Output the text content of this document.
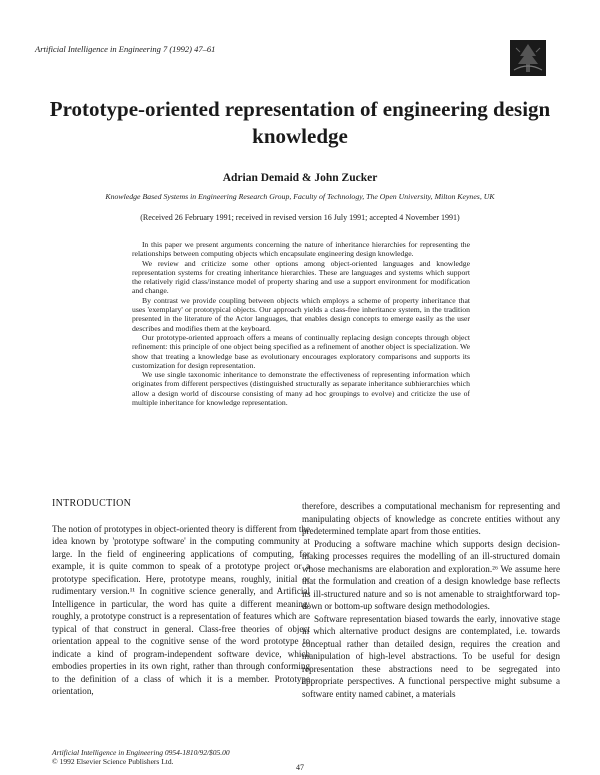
Artificial Intelligence in Engineering 7 (1992) 47–61
Prototype-oriented representation of engineering design knowledge
Adrian Demaid & John Zucker
Knowledge Based Systems in Engineering Research Group, Faculty of Technology, The Open University, Milton Keynes, UK
(Received 26 February 1991; received in revised version 16 July 1991; accepted 4 November 1991)

In this paper we present arguments concerning the nature of inheritance hierarchies for representing the relationships between computing objects which encapsulate engineering design knowledge.

We review and criticize some other options among object-oriented languages and knowledge representation systems for creating inheritance hierarchies. These are languages and systems which support the relatively rigid class/instance model of property sharing and use a support environment for modification and change.

By contrast we provide coupling between objects which employs a scheme of property inheritance that uses 'exemplary' or prototypical objects. Our approach yields a class-free inheritance system, in the tradition presented in the literature of the Actor languages, that enables design concepts to emerge easily as the user describes and modifies them at the keyboard.

Our prototype-oriented approach offers a means of continually replacing design concepts through object refinement: this principle of one object being specified as a refinement of another object is specialization. We show that treating a knowledge base as evolutionary encourages exploratory comparisons and supports its customization for design representation.

We use single taxonomic inheritance to demonstrate the effectiveness of representing information which originates from different perspectives (distinguished structurally as separate inheritance subhierarchies which allow a design world of discourse consisting of many ad hoc groupings to evolve) and criticize the use of multiple inheritance for knowledge representation.

INTRODUCTION

The notion of prototypes in object-oriented theory is different from the idea known by 'prototype software' in the computing community at large. In the field of engineering applications of computing, for example, it is quite common to speak of a prototype project or a prototype specification. Here, prototype means, roughly, initial or rudimentary version.¹¹ In cognitive science generally, and Artificial Intelligence in particular, the word has quite a different meaning: roughly, a prototype construct is a representation of features which are typical of that construct in general. Class-free theories of object orientation appeal to the cognitive sense of the word prototype to indicate a kind of program-independent software device, which embodies properties in its own right, rather than through conforming to the definition of a class of which it is a member. Prototype orientation,

therefore, describes a computational mechanism for representing and manipulating objects of knowledge as concrete entities without any predetermined template apart from those entities.

Producing a software machine which supports design decision-making processes requires the modelling of an ill-structured domain whose mechanisms are elaboration and exploration.²⁶ We assume here that the formulation and creation of a design knowledge base reflects its ill-structured nature and so is not amenable to straightforward top-down or bottom-up software design methodologies.

Software representation biased towards the early, innovative stage in which alternative product designs are contemplated, i.e. towards conceptual rather than detailed design, requires the creation and manipulation of high-level abstractions. To be useful for design representation these abstractions need to be segregated into appropriate perspectives. A functional perspective might subsume a software entity named cabinet, a materials

Artificial Intelligence in Engineering 0954-1810/92/$05.00
© 1992 Elsevier Science Publishers Ltd.
47
